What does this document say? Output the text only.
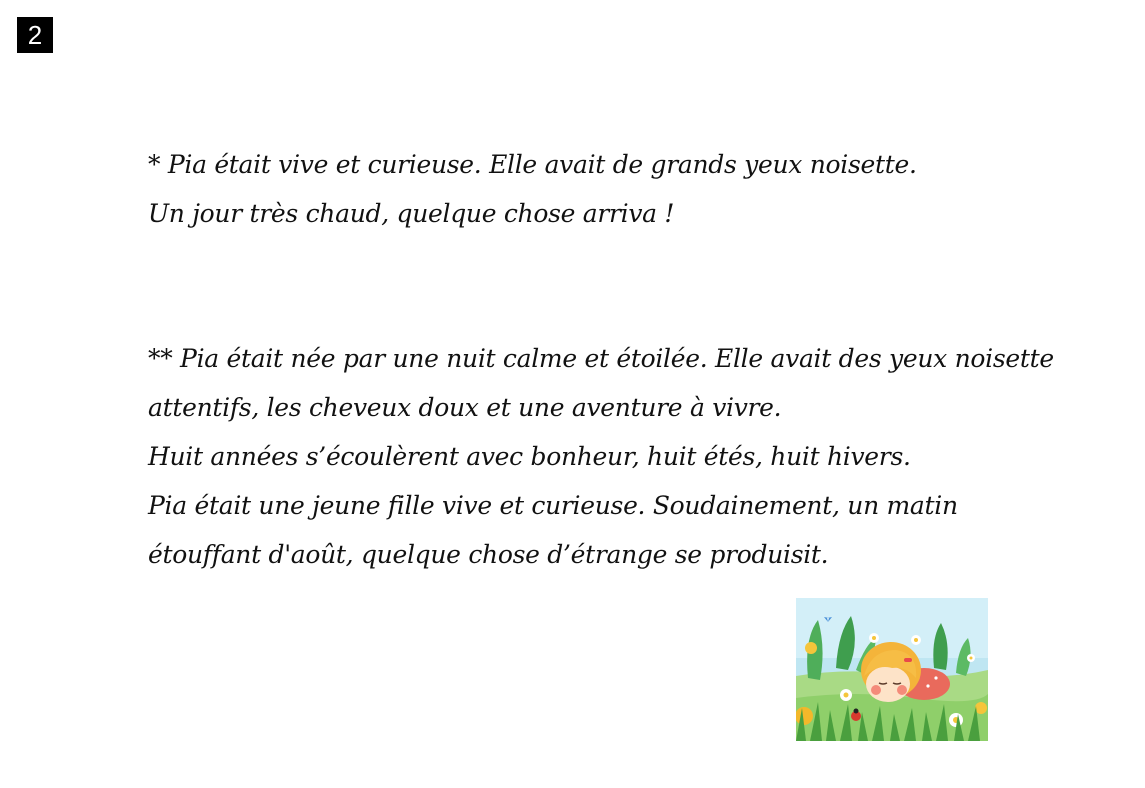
2

* Pia était vive et curieuse. Elle avait de grands yeux noisette.

Un jour très chaud, quelque chose arriva !

** Pia était née par une nuit calme et étoilée. Elle avait des yeux noisette

attentifs, les cheveux doux et une aventure à vivre.

Huit années s’écoulèrent avec bonheur, huit étés, huit hivers.

Pia était une jeune fille vive et curieuse. Soudainement, un matin

étouffant d'août, quelque chose d’étrange se produisit.
